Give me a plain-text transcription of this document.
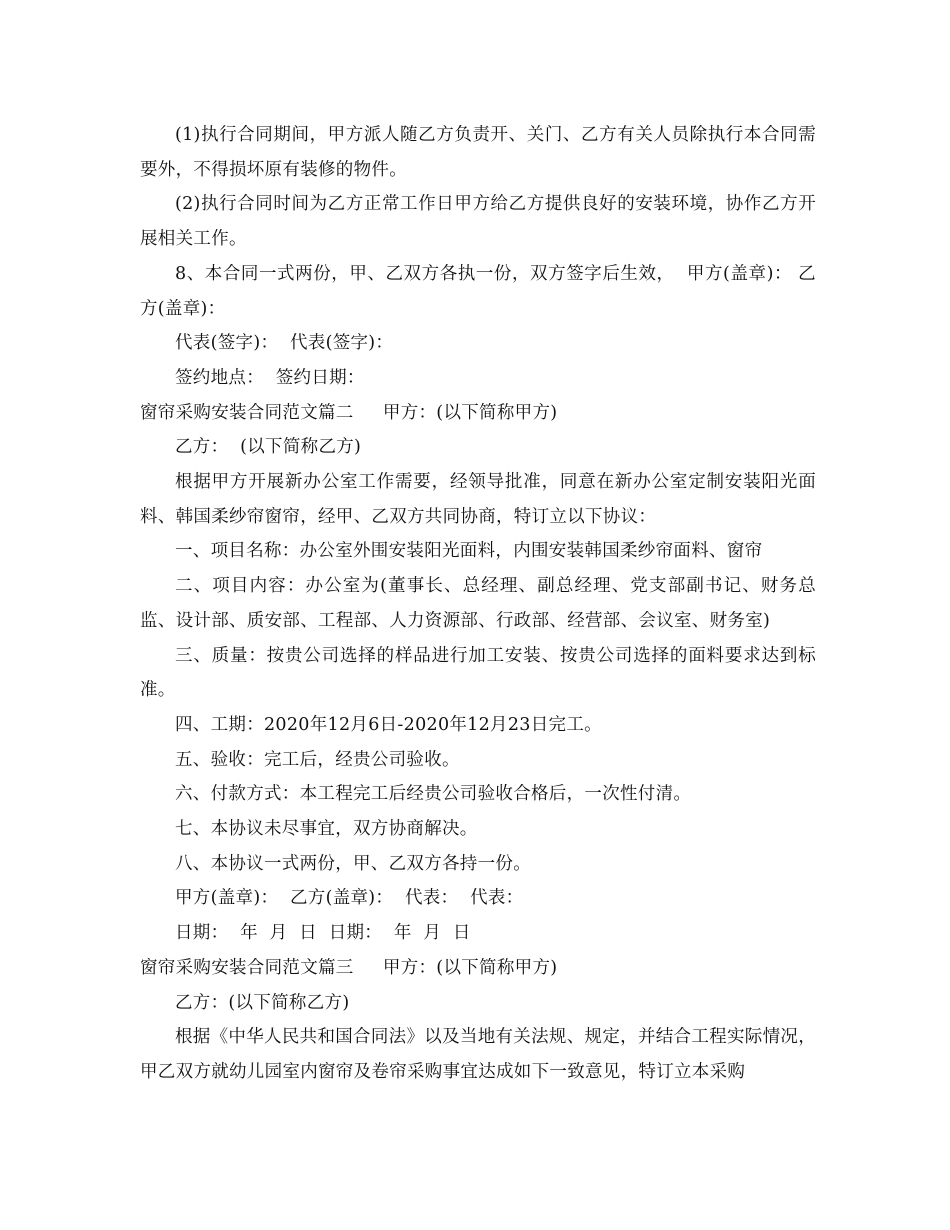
(1)执行合同期间，甲方派人随乙方负责开、关门、乙方有关人员除执行本合同需要外，不得损坏原有装修的物件。

(2)执行合同时间为乙方正常工作日甲方给乙方提供良好的安装环境，协作乙方开展相关工作。

8、本合同一式两份，甲、乙双方各执一份，双方签字后生效，  甲方(盖章)： 乙方(盖章)：

代表(签字)：  代表(签字)：

签约地点：  签约日期：

窗帘采购安装合同范文篇二     甲方：(以下简称甲方)

乙方：  (以下简称乙方)

根据甲方开展新办公室工作需要，经领导批准，同意在新办公室定制安装阳光面料、韩国柔纱帘窗帘，经甲、乙双方共同协商，特订立以下协议：

一、项目名称：办公室外围安装阳光面料，内围安装韩国柔纱帘面料、窗帘

二、项目内容：办公室为(董事长、总经理、副总经理、党支部副书记、财务总监、设计部、质安部、工程部、人力资源部、行政部、经营部、会议室、财务室)

三、质量：按贵公司选择的样品进行加工安装、按贵公司选择的面料要求达到标准。

四、工期：2020年12月6日-2020年12月23日完工。

五、验收：完工后，经贵公司验收。

六、付款方式：本工程完工后经贵公司验收合格后，一次性付清。

七、本协议未尽事宜，双方协商解决。

八、本协议一式两份，甲、乙双方各持一份。

甲方(盖章)：  乙方(盖章)：  代表：  代表：

日期：  年  月  日  日期：  年  月  日

窗帘采购安装合同范文篇三     甲方：(以下简称甲方)

乙方：(以下简称乙方)

根据《中华人民共和国合同法》以及当地有关法规、规定，并结合工程实际情况，甲乙双方就幼儿园室内窗帘及卷帘采购事宜达成如下一致意见，特订立本采购
